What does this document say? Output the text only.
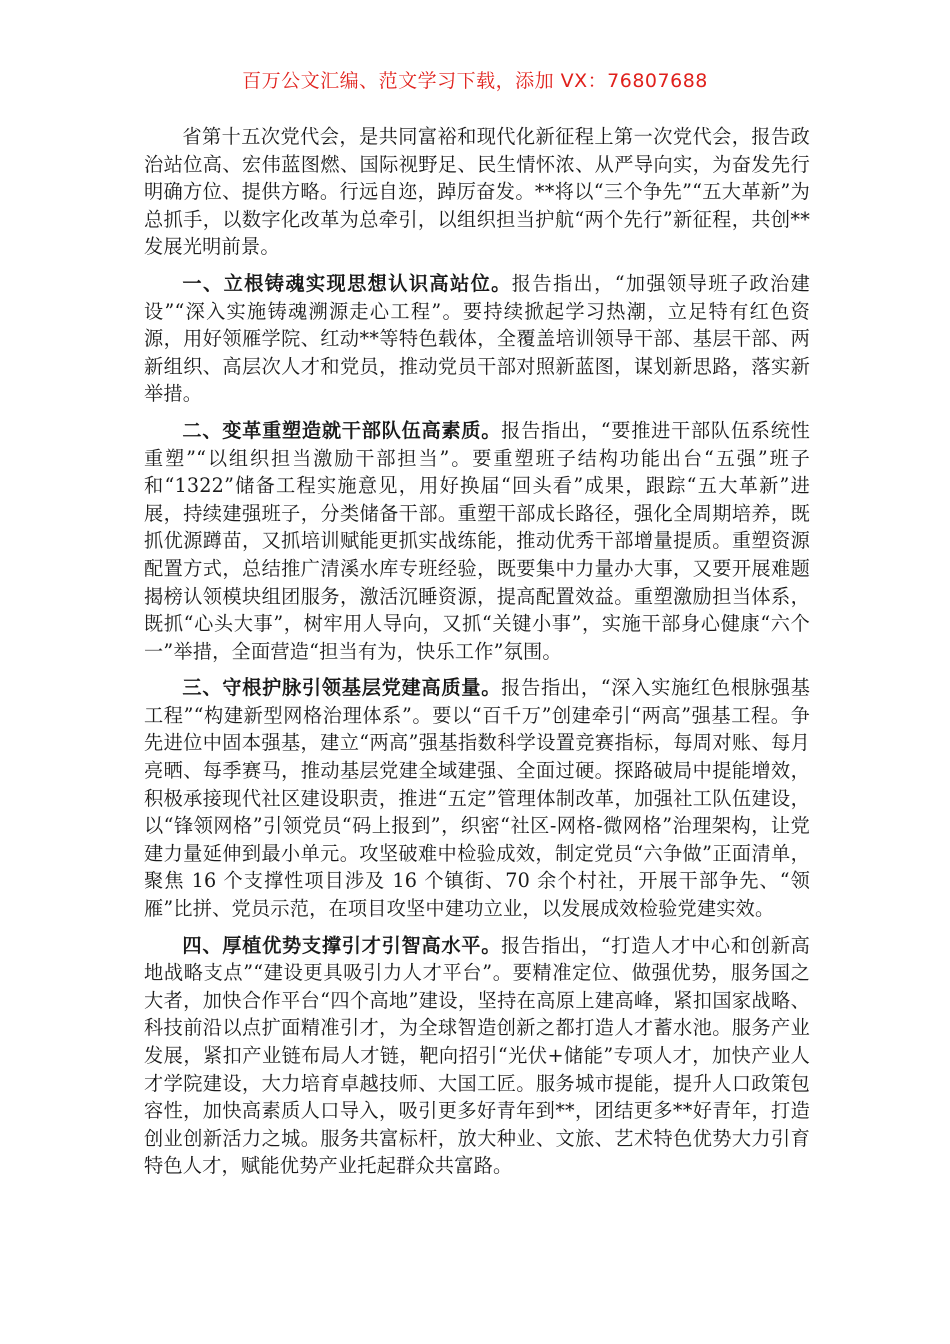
百万公文汇编、范文学习下载，添加 VX：76807688

省第十五次党代会，是共同富裕和现代化新征程上第一次党代会，报告政治站位高、宏伟蓝图燃、国际视野足、民生情怀浓、从严导向实，为奋发先行明确方位、提供方略。行远自迩，踔厉奋发。**将以“三个争先”“五大革新”为总抓手，以数字化改革为总牵引，以组织担当护航“两个先行”新征程，共创**发展光明前景。

一、立根铸魂实现思想认识高站位。报告指出，“加强领导班子政治建设”“深入实施铸魂溯源走心工程”。要持续掀起学习热潮，立足特有红色资源，用好领雁学院、红动**等特色载体，全覆盖培训领导干部、基层干部、两新组织、高层次人才和党员，推动党员干部对照新蓝图，谋划新思路，落实新举措。

二、变革重塑造就干部队伍高素质。报告指出，“要推进干部队伍系统性重塑”“以组织担当激励干部担当”。要重塑班子结构功能出台“五强”班子和“1322”储备工程实施意见，用好换届“回头看”成果，跟踪“五大革新”进展，持续建强班子，分类储备干部。重塑干部成长路径，强化全周期培养，既抓优源蹲苗，又抓培训赋能更抓实战练能，推动优秀干部增量提质。重塑资源配置方式，总结推广清溪水库专班经验，既要集中力量办大事，又要开展难题揭榜认领模块组团服务，激活沉睡资源，提高配置效益。重塑激励担当体系，既抓“心头大事”，树牢用人导向，又抓“关键小事”，实施干部身心健康“六个一”举措，全面营造“担当有为，快乐工作”氛围。

三、守根护脉引领基层党建高质量。报告指出，“深入实施红色根脉强基工程”“构建新型网格治理体系”。要以“百千万”创建牵引“两高”强基工程。争先进位中固本强基，建立“两高”强基指数科学设置竞赛指标，每周对账、每月亮晒、每季赛马，推动基层党建全域建强、全面过硬。探路破局中提能增效，积极承接现代社区建设职责，推进“五定”管理体制改革，加强社工队伍建设，以“锋领网格”引领党员“码上报到”，织密“社区-网格-微网格”治理架构，让党建力量延伸到最小单元。攻坚破难中检验成效，制定党员“六争做”正面清单，聚焦 16 个支撑性项目涉及 16 个镇街、70 余个村社，开展干部争先、“领雁”比拼、党员示范，在项目攻坚中建功立业，以发展成效检验党建实效。

四、厚植优势支撑引才引智高水平。报告指出，“打造人才中心和创新高地战略支点”“建设更具吸引力人才平台”。要精准定位、做强优势，服务国之大者，加快合作平台“四个高地”建设，坚持在高原上建高峰，紧扣国家战略、科技前沿以点扩面精准引才，为全球智造创新之都打造人才蓄水池。服务产业发展，紧扣产业链布局人才链，靶向招引“光伏+储能”专项人才，加快产业人才学院建设，大力培育卓越技师、大国工匠。服务城市提能，提升人口政策包容性，加快高素质人口导入，吸引更多好青年到**，团结更多**好青年，打造创业创新活力之城。服务共富标杆，放大种业、文旅、艺术特色优势大力引育特色人才，赋能优势产业托起群众共富路。
